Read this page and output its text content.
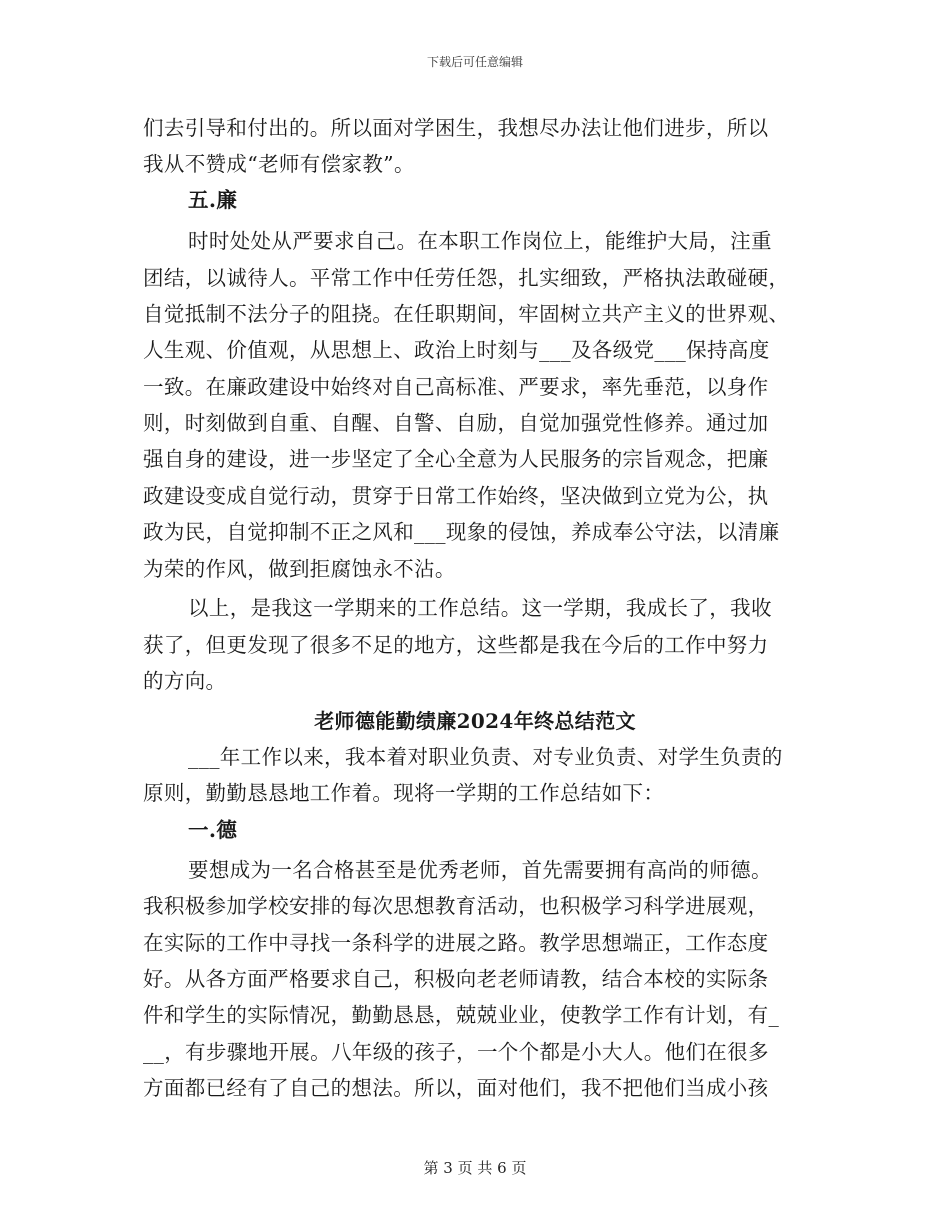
下载后可任意编辑
们去引导和付出的。所以面对学困生，我想尽办法让他们进步，所以
我从不赞成“老师有偿家教”。
五.廉
时时处处从严要求自己。在本职工作岗位上，能维护大局，注重
团结，以诚待人。平常工作中任劳任怨，扎实细致，严格执法敢碰硬，
自觉抵制不法分子的阻挠。在任职期间，牢固树立共产主义的世界观、
人生观、价值观，从思想上、政治上时刻与___及各级党___保持高度
一致。在廉政建设中始终对自己高标准、严要求，率先垂范，以身作
则，时刻做到自重、自醒、自警、自励，自觉加强党性修养。通过加
强自身的建设，进一步坚定了全心全意为人民服务的宗旨观念，把廉
政建设变成自觉行动，贯穿于日常工作始终，坚决做到立党为公，执
政为民，自觉抑制不正之风和___现象的侵蚀，养成奉公守法，以清廉
为荣的作风，做到拒腐蚀永不沾。
以上，是我这一学期来的工作总结。这一学期，我成长了，我收
获了，但更发现了很多不足的地方，这些都是我在今后的工作中努力
的方向。
老师德能勤绩廉2024年终总结范文
___年工作以来，我本着对职业负责、对专业负责、对学生负责的
原则，勤勤恳恳地工作着。现将一学期的工作总结如下：
一.德
要想成为一名合格甚至是优秀老师，首先需要拥有高尚的师德。
我积极参加学校安排的每次思想教育活动，也积极学习科学进展观，
在实际的工作中寻找一条科学的进展之路。教学思想端正，工作态度
好。从各方面严格要求自己，积极向老老师请教，结合本校的实际条
件和学生的实际情况，勤勤恳恳，兢兢业业，使教学工作有计划，有_
__，有步骤地开展。八年级的孩子，一个个都是小大人。他们在很多
方面都已经有了自己的想法。所以，面对他们，我不把他们当成小孩
第 3 页 共 6 页
